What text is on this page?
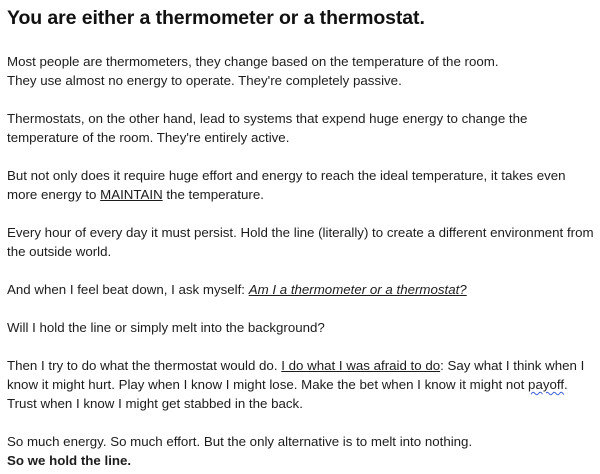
You are either a thermometer or a thermostat.

Most people are thermometers, they change based on the temperature of the room.
They use almost no energy to operate. They're completely passive.

Thermostats, on the other hand, lead to systems that expend huge energy to change the temperature of the room. They're entirely active.

But not only does it require huge effort and energy to reach the ideal temperature, it takes even more energy to MAINTAIN the temperature.

Every hour of every day it must persist. Hold the line (literally) to create a different environment from the outside world.

And when I feel beat down, I ask myself: Am I a thermometer or a thermostat?

Will I hold the line or simply melt into the background?

Then I try to do what the thermostat would do. I do what I was afraid to do: Say what I think when I know it might hurt. Play when I know I might lose. Make the bet when I know it might not payoff. Trust when I know I might get stabbed in the back.

So much energy. So much effort. But the only alternative is to melt into nothing.
So we hold the line.
